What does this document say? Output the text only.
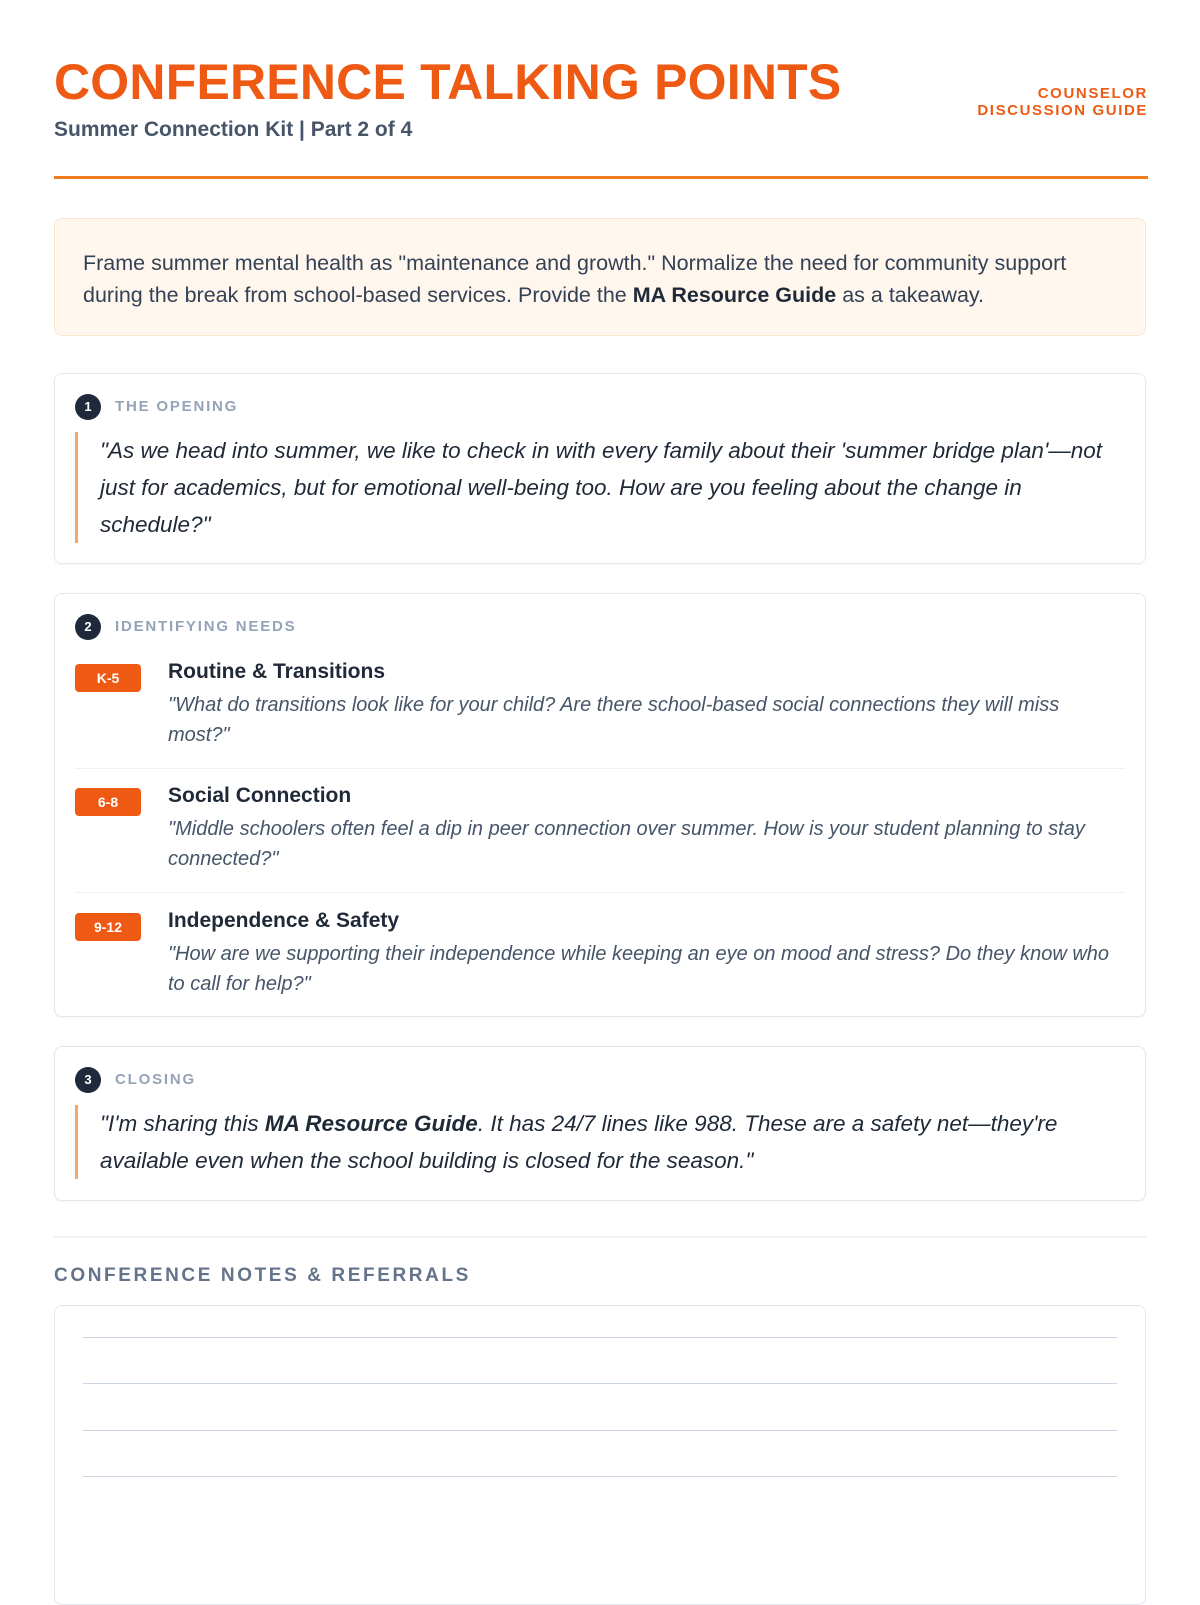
CONFERENCE TALKING POINTS

Summer Connection Kit | Part 2 of 4

COUNSELOR
DISCUSSION GUIDE
Frame summer mental health as "maintenance and growth." Normalize the need for community support during the break from school-based services. Provide the MA Resource Guide as a takeaway.
1	THE OPENING
"As we head into summer, we like to check in with every family about their 'summer bridge plan'—not just for academics, but for emotional well-being too. How are you feeling about the change in schedule?"
2	IDENTIFYING NEEDS
K-5	Routine & Transitions
"What do transitions look like for your child? Are there school-based social connections they will miss most?"
6-8	Social Connection
"Middle schoolers often feel a dip in peer connection over summer. How is your student planning to stay connected?"
9-12	Independence & Safety
"How are we supporting their independence while keeping an eye on mood and stress? Do they know who to call for help?"
3	CLOSING
"I'm sharing this MA Resource Guide. It has 24/7 lines like 988. These are a safety net—they're available even when the school building is closed for the season."
CONFERENCE NOTES & REFERRALS
